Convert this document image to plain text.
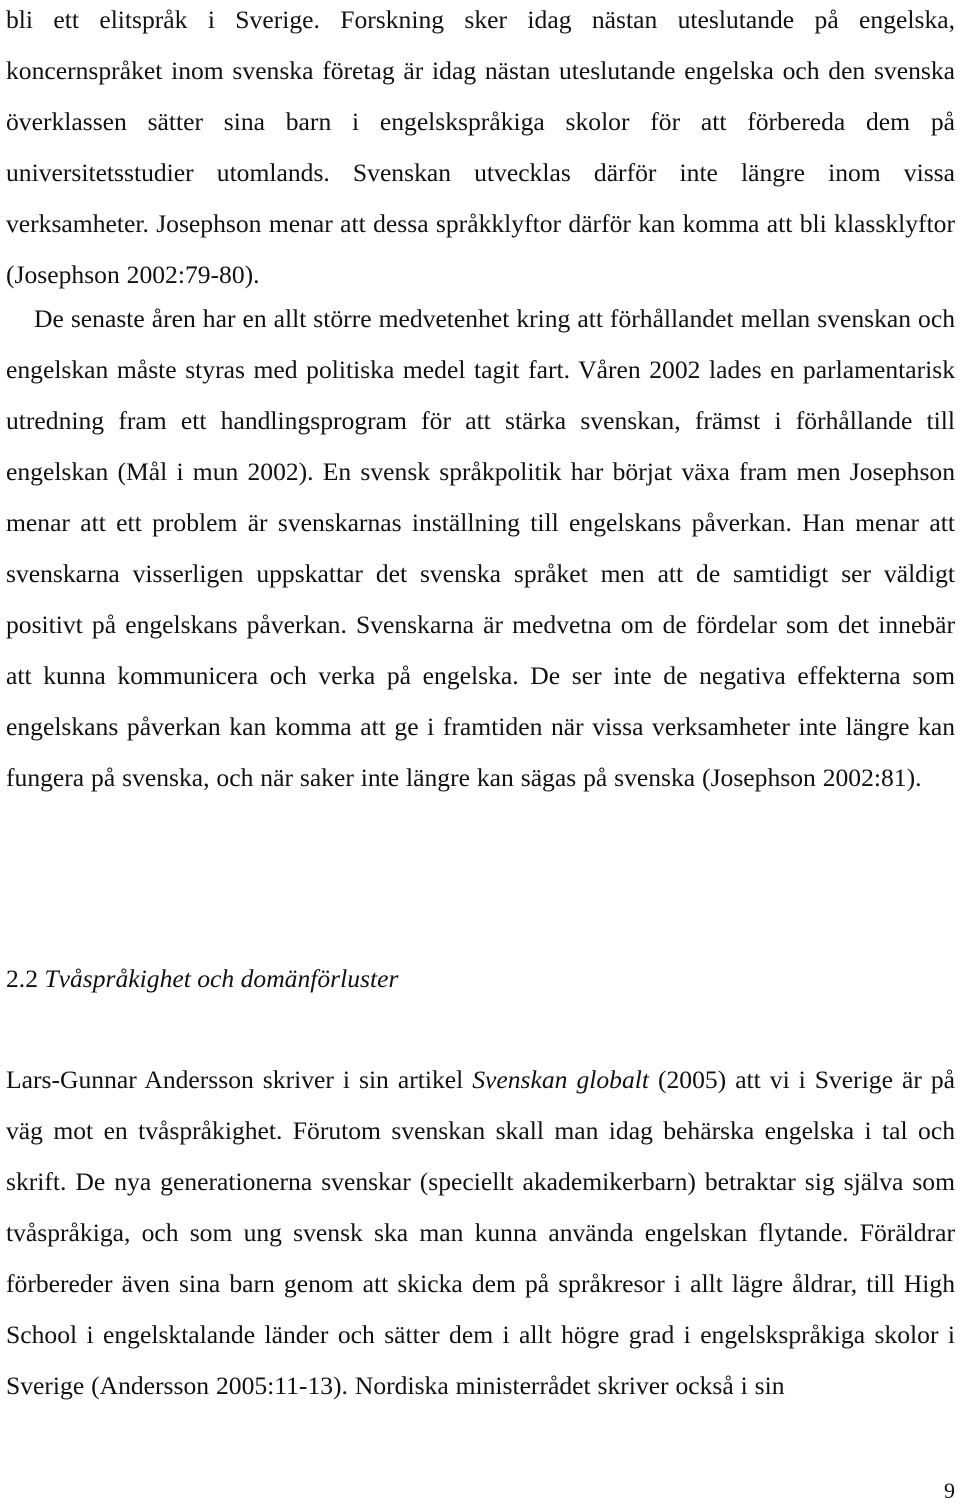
bli ett elitspråk i Sverige. Forskning sker idag nästan uteslutande på engelska, koncernspråket inom svenska företag är idag nästan uteslutande engelska och den svenska överklassen sätter sina barn i engelskspråkiga skolor för att förbereda dem på universitetsstudier utomlands. Svenskan utvecklas därför inte längre inom vissa verksamheter. Josephson menar att dessa språkklyftor därför kan komma att bli klassklyftor (Josephson 2002:79-80).

De senaste åren har en allt större medvetenhet kring att förhållandet mellan svenskan och engelskan måste styras med politiska medel tagit fart. Våren 2002 lades en parlamentarisk utredning fram ett handlingsprogram för att stärka svenskan, främst i förhållande till engelskan (Mål i mun 2002). En svensk språkpolitik har börjat växa fram men Josephson menar att ett problem är svenskarnas inställning till engelskans påverkan. Han menar att svenskarna visserligen uppskattar det svenska språket men att de samtidigt ser väldigt positivt på engelskans påverkan. Svenskarna är medvetna om de fördelar som det innebär att kunna kommunicera och verka på engelska. De ser inte de negativa effekterna som engelskans påverkan kan komma att ge i framtiden när vissa verksamheter inte längre kan fungera på svenska, och när saker inte längre kan sägas på svenska (Josephson 2002:81).

2.2 Tvåspråkighet och domänförluster

Lars-Gunnar Andersson skriver i sin artikel Svenskan globalt (2005) att vi i Sverige är på väg mot en tvåspråkighet. Förutom svenskan skall man idag behärska engelska i tal och skrift. De nya generationerna svenskar (speciellt akademikerbarn) betraktar sig själva som tvåspråkiga, och som ung svensk ska man kunna använda engelskan flytande. Föräldrar förbereder även sina barn genom att skicka dem på språkresor i allt lägre åldrar, till High School i engelsktalande länder och sätter dem i allt högre grad i engelskspråkiga skolor i Sverige (Andersson 2005:11-13). Nordiska ministerrådet skriver också i sin

9
